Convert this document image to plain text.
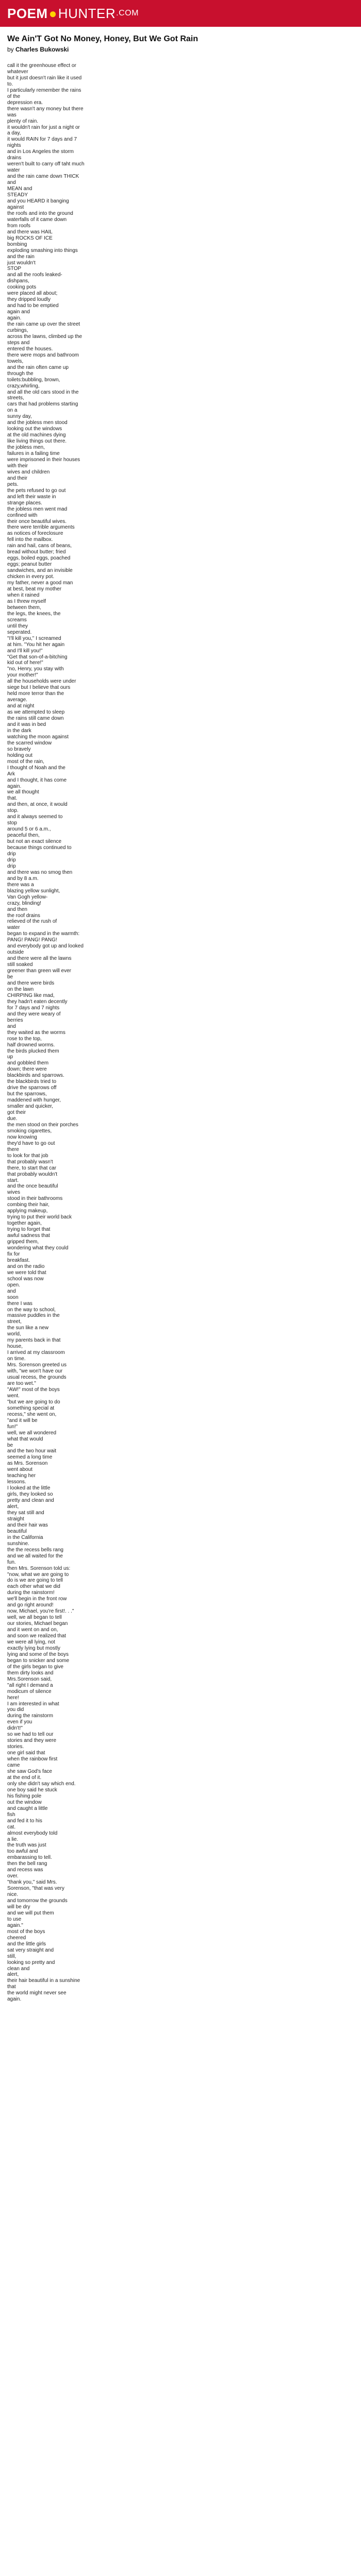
POEM ● HUNTER .COM
We Ain'T Got No Money, Honey, But We Got Rain

by Charles Bukowski

call it the greenhouse effect or whatever
but it just doesn't rain like it used to.
I particularly remember the rains of the
depression era.
there wasn't any money but there was
plenty of rain.
it wouldn't rain for just a night or
a day,
it would RAIN for 7 days and 7
nights
and in Los Angeles the storm drains
weren't built to carry off taht much
water
and the rain came down THICK and
MEAN and
STEADY
and you HEARD it banging against
the roofs and into the ground
waterfalls of it came down
from roofs
and there was HAIL
big ROCKS OF ICE
bombing
exploding smashing into things
and the rain
just wouldn't
STOP
and all the roofs leaked-
dishpans,
cooking pots
were placed all about;
they dripped loudly
and had to be emptied
again and
again.
the rain came up over the street curbings,
across the lawns, climbed up the steps and
entered the houses.
there were mops and bathroom towels,
and the rain often came up through the
toilets:bubbling, brown, crazy,whirling,
and all the old cars stood in the streets,
cars that had problems starting on a
sunny day,
and the jobless men stood
looking out the windows
at the old machines dying
like living things out there.
the jobless men,
failures in a failing time
were imprisoned in their houses with their
wives and children
and their
pets.
the pets refused to go out
and left their waste in
strange places.
the jobless men went mad
confined with
their once beautiful wives.
there were terrible arguments
as notices of foreclosure
fell into the mailbox.
rain and hail, cans of beans,
bread without butter; fried
eggs, boiled eggs, poached
eggs; peanut butter
sandwiches, and an invisible
chicken in every pot.
my father, never a good man
at best, beat my mother
when it rained
as I threw myself
between them,
the legs, the knees, the
screams
until they
seperated.
"I'll kill you," I screamed
at him. "You hit her again
and I'll kill you!"
"Get that son-of-a-bitching
kid out of here!"
"no, Henry, you stay with
your mother!"
all the households were under
siege but I believe that ours
held more terror than the
average.
and at night
as we attempted to sleep
the rains still came down
and it was in bed
in the dark
watching the moon against
the scarred window
so bravely
holding out
most of the rain,
I thought of Noah and the
Ark
and I thought, it has come
again.
we all thought
that.
and then, at once, it would
stop.
and it always seemed to
stop
around 5 or 6 a.m.,
peaceful then,
but not an exact silence
because things continued to
drip
drip
drip
and there was no smog then
and by 8 a.m.
there was a
blazing yellow sunlight,
Van Gogh yellow-
crazy, blinding!
and then
the roof drains
relieved of the rush of
water
began to expand in the warmth:
PANG! PANG! PANG!
and everybody got up and looked outside
and there were all the lawns
still soaked
greener than green will ever
be
and there were birds
on the lawn
CHIRPING like mad,
they hadn't eaten decently
for 7 days and 7 nights
and they were weary of
berries
and
they waited as the worms
rose to the top,
half drowned worms.
the birds plucked them
up
and gobbled them
down; there were
blackbirds and sparrows.
the blackbirds tried to
drive the sparrows off
but the sparrows,
maddened with hunger,
smaller and quicker,
got their
due.
the men stood on their porches
smoking cigarettes,
now knowing
they'd have to go out
there
to look for that job
that probably wasn't
there, to start that car
that probably wouldn't
start.
and the once beautiful
wives
stood in their bathrooms
combing their hair,
applying makeup,
trying to put their world back
together again,
trying to forget that
awful sadness that
gripped them,
wondering what they could
fix for
breakfast.
and on the radio
we were told that
school was now
open.
and
soon
there I was
on the way to school,
massive puddles in the
street,
the sun like a new
world,
my parents back in that
house,
I arrived at my classroom
on time.
Mrs. Sorenson greeted us
with, "we won't have our
usual recess, the grounds
are too wet."
"AW!" most of the boys
went.
"but we are going to do
something special at
recess," she went on,
"and it will be
fun!"
well, we all wondered
what that would
be
and the two hour wait
seemed a long time
as Mrs. Sorenson
went about
teaching her
lessons.
I looked at the little
girls, they looked so
pretty and clean and
alert,
they sat still and
straight
and their hair was
beautiful
in the California
sunshine.
the the recess bells rang
and we all waited for the
fun.
then Mrs. Sorenson told us:
"now, what we are going to
do is we are going to tell
each other what we did
during the rainstorm!
we'll begin in the front row
and go right around!
now, Michael, you're first!. . ."
well, we all began to tell
our stories, Michael began
and it went on and on,
and soon we realized that
we were all lying, not
exactly lying but mostly
lying and some of the boys
began to snicker and some
of the girls began to give
them dirty looks and
Mrs.Sorenson said,
"all right I demand a
modicum of silence
here!
I am interested in what
you did
during the rainstorm
even if you
didn't!"
so we had to tell our
stories and they were
stories.
one girl said that
when the rainbow first
came
she saw God's face
at the end of it.
only she didn't say which end.
one boy said he stuck
his fishing pole
out the window
and caught a little
fish
and fed it to his
cat.
almost everybody told
a lie.
the truth was just
too awful and
embarassing to tell.
then the bell rang
and recess was
over.
"thank you," said Mrs.
Sorenson, "that was very
nice.
and tomorrow the grounds
will be dry
and we will put them
to use
again."
most of the boys
cheered
and the little girls
sat very straight and
still,
looking so pretty and
clean and
alert,
their hair beautiful in a sunshine that
the world might never see
again.
